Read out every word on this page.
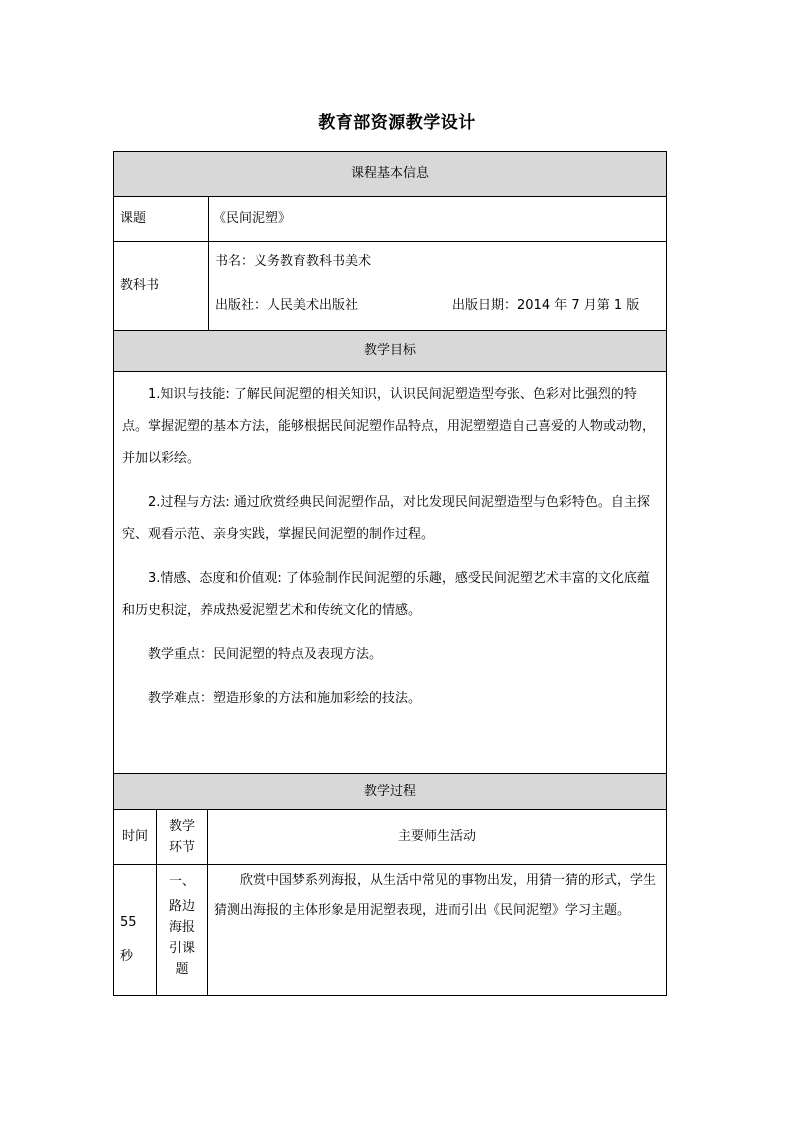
教育部资源教学设计
课程基本信息
课题	《民间泥塑》
教科书
书名：义务教育教科书美术
出版社：人民美术出版社	出版日期：2014 年 7 月第 1 版
教学目标

1.知识与技能: 了解民间泥塑的相关知识，认识民间泥塑造型夸张、色彩对比强烈的特点。掌握泥塑的基本方法，能够根据民间泥塑作品特点，用泥塑塑造自己喜爱的人物或动物，并加以彩绘。

2.过程与方法: 通过欣赏经典民间泥塑作品，对比发现民间泥塑造型与色彩特色。自主探究、观看示范、亲身实践，掌握民间泥塑的制作过程。

3.情感、态度和价值观: 了体验制作民间泥塑的乐趣，感受民间泥塑艺术丰富的文化底蕴和历史积淀，养成热爱泥塑艺术和传统文化的情感。

教学重点：民间泥塑的特点及表现方法。

教学难点：塑造形象的方法和施加彩绘的技法。

教学过程
时间
教学
环节
主要师生活动
55
秒
一、
路边
海报
引课
题

欣赏中国梦系列海报，从生活中常见的事物出发，用猜一猜的形式，学生猜测出海报的主体形象是用泥塑表现，进而引出《民间泥塑》学习主题。
